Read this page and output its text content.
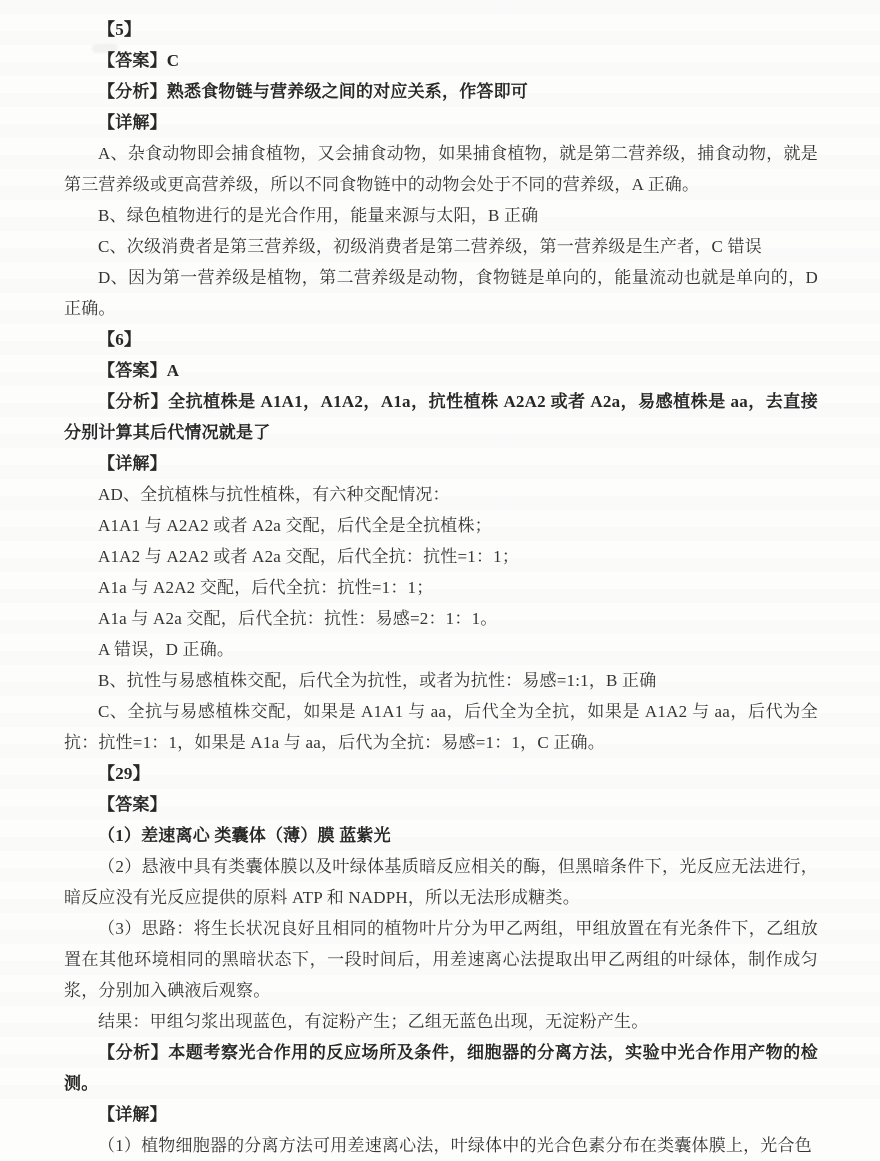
【5】

【答案】C

【分析】熟悉食物链与营养级之间的对应关系，作答即可

【详解】

A、杂食动物即会捕食植物，又会捕食动物，如果捕食植物，就是第二营养级，捕食动物，就是第三营养级或更高营养级，所以不同食物链中的动物会处于不同的营养级，A 正确。

B、绿色植物进行的是光合作用，能量来源与太阳，B 正确

C、次级消费者是第三营养级，初级消费者是第二营养级，第一营养级是生产者，C 错误

D、因为第一营养级是植物，第二营养级是动物，食物链是单向的，能量流动也就是单向的，D 正确。

【6】

【答案】A

【分析】全抗植株是 A1A1，A1A2，A1a，抗性植株 A2A2 或者 A2a，易感植株是 aa，去直接分别计算其后代情况就是了

【详解】

AD、全抗植株与抗性植株，有六种交配情况：

A1A1 与 A2A2 或者 A2a 交配，后代全是全抗植株；

A1A2 与 A2A2 或者 A2a 交配，后代全抗：抗性=1：1；

A1a 与 A2A2 交配，后代全抗：抗性=1：1；

A1a 与 A2a 交配，后代全抗：抗性：易感=2：1：1。

A 错误，D 正确。

B、抗性与易感植株交配，后代全为抗性，或者为抗性：易感=1:1，B 正确

C、全抗与易感植株交配，如果是 A1A1 与 aa，后代全为全抗，如果是 A1A2 与 aa，后代为全抗：抗性=1：1，如果是 A1a 与 aa，后代为全抗：易感=1：1，C 正确。

【29】

【答案】

（1）差速离心 类囊体（薄）膜 蓝紫光

（2）悬液中具有类囊体膜以及叶绿体基质暗反应相关的酶，但黑暗条件下，光反应无法进行，暗反应没有光反应提供的原料 ATP 和 NADPH，所以无法形成糖类。

（3）思路：将生长状况良好且相同的植物叶片分为甲乙两组，甲组放置在有光条件下，乙组放置在其他环境相同的黑暗状态下，一段时间后，用差速离心法提取出甲乙两组的叶绿体，制作成匀浆，分别加入碘液后观察。

结果：甲组匀浆出现蓝色，有淀粉产生；乙组无蓝色出现，无淀粉产生。

【分析】本题考察光合作用的反应场所及条件，细胞器的分离方法，实验中光合作用产物的检测。

【详解】

（1）植物细胞器的分离方法可用差速离心法，叶绿体中的光合色素分布在类囊体膜上，光合色
